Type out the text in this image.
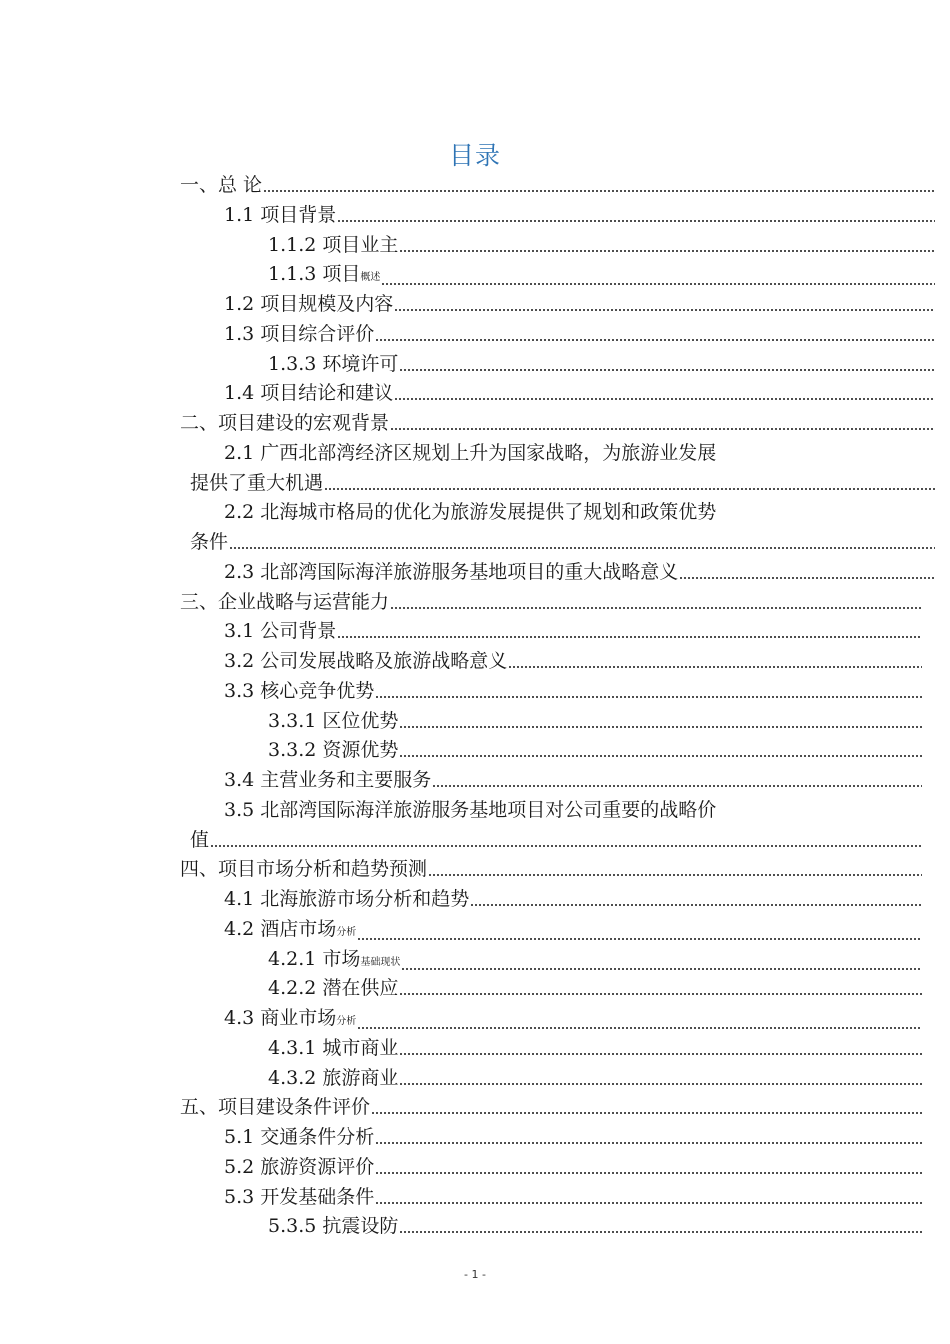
目录
一、总 论
1.1 项目背景
1.1.2 项目业主
1.1.3 项目概述
1.2 项目规模及内容
1.3 项目综合评价
1.3.3 环境许可
1.4 项目结论和建议
二、项目建设的宏观背景
2.1 广西北部湾经济区规划上升为国家战略，为旅游业发展
提供了重大机遇
2.2 北海城市格局的优化为旅游发展提供了规划和政策优势
条件
2.3 北部湾国际海洋旅游服务基地项目的重大战略意义
三、企业战略与运营能力
3.1 公司背景
3.2 公司发展战略及旅游战略意义
3.3 核心竞争优势
3.3.1 区位优势
3.3.2 资源优势
3.4 主营业务和主要服务
3.5 北部湾国际海洋旅游服务基地项目对公司重要的战略价
值
四、项目市场分析和趋势预测
4.1 北海旅游市场分析和趋势
4.2 酒店市场分析
4.2.1 市场基础现状
4.2.2 潜在供应
4.3 商业市场分析
4.3.1 城市商业
4.3.2 旅游商业
五、项目建设条件评价
5.1 交通条件分析
5.2 旅游资源评价
5.3 开发基础条件
5.3.5 抗震设防
- 1 -
